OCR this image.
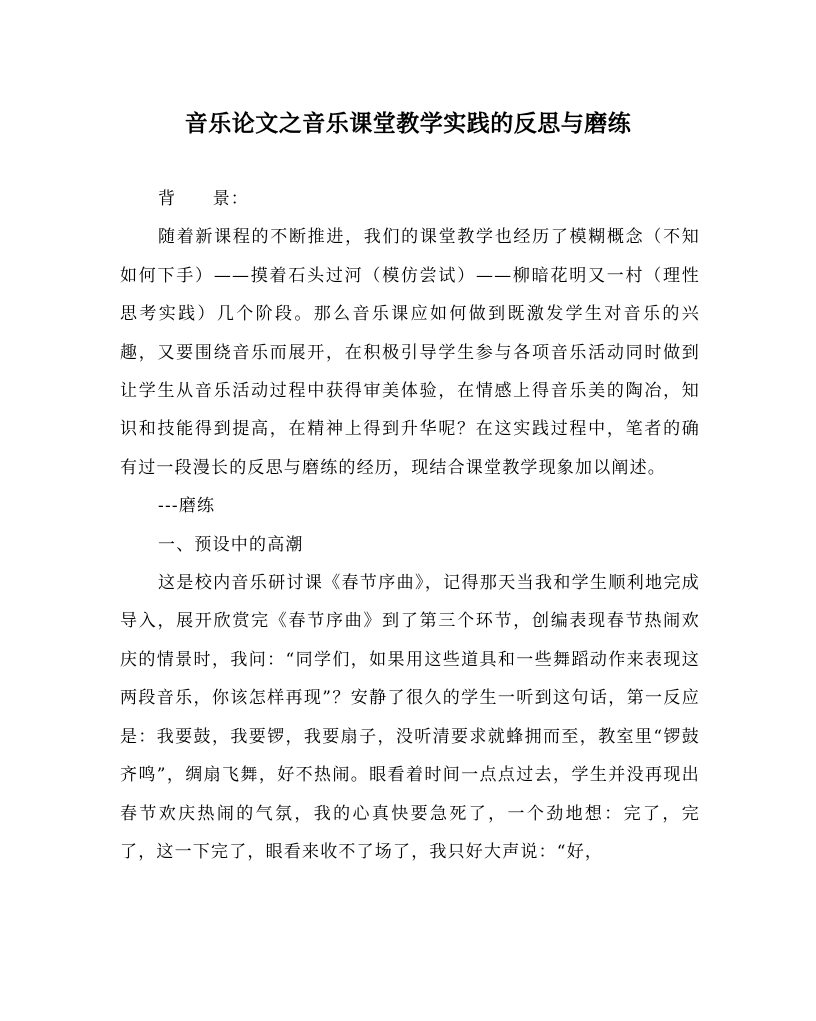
音乐论文之音乐课堂教学实践的反思与磨练

背　　景：

随着新课程的不断推进，我们的课堂教学也经历了模糊概念（不知如何下手）——摸着石头过河（模仿尝试）——柳暗花明又一村（理性思考实践）几个阶段。那么音乐课应如何做到既激发学生对音乐的兴趣，又要围绕音乐而展开，在积极引导学生参与各项音乐活动同时做到让学生从音乐活动过程中获得审美体验，在情感上得音乐美的陶冶，知识和技能得到提高，在精神上得到升华呢？在这实践过程中，笔者的确有过一段漫长的反思与磨练的经历，现结合课堂教学现象加以阐述。

---磨练

一、预设中的高潮

这是校内音乐研讨课《春节序曲》，记得那天当我和学生顺利地完成导入，展开欣赏完《春节序曲》到了第三个环节，创编表现春节热闹欢庆的情景时，我问：“同学们，如果用这些道具和一些舞蹈动作来表现这两段音乐，你该怎样再现”？安静了很久的学生一听到这句话，第一反应是：我要鼓，我要锣，我要扇子，没听清要求就蜂拥而至，教室里“锣鼓齐鸣”，绸扇飞舞，好不热闹。眼看着时间一点点过去，学生并没再现出春节欢庆热闹的气氛，我的心真快要急死了，一个劲地想：完了，完了，这一下完了，眼看来收不了场了，我只好大声说：“好，
